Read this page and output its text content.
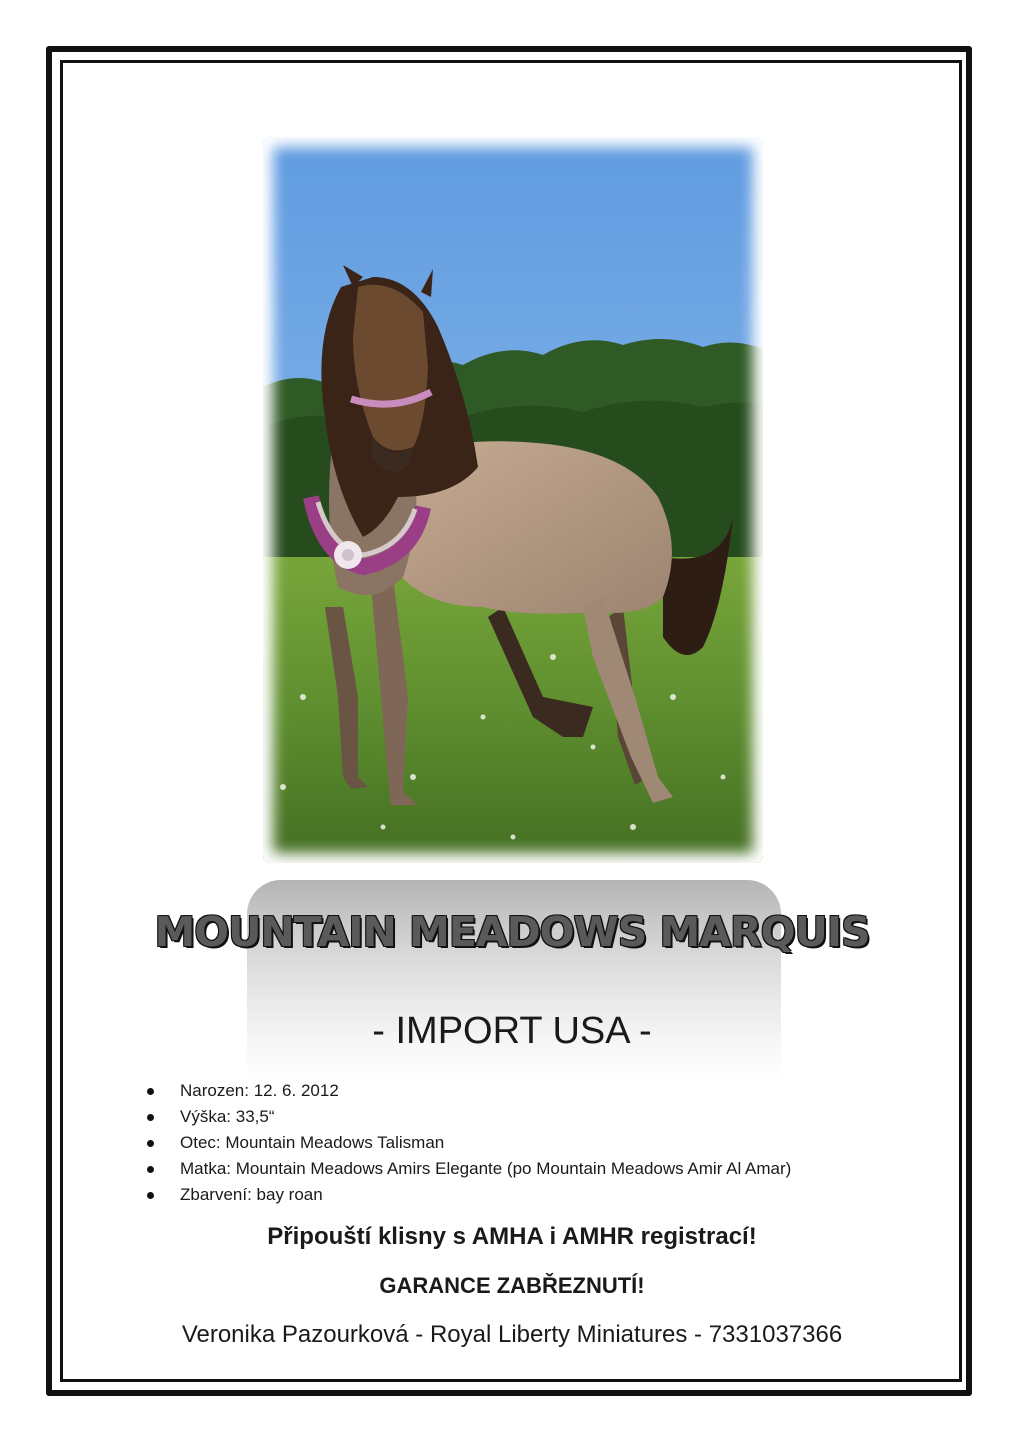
MOUNTAIN MEADOWS MARQUIS
- IMPORT USA -
Narozen: 12. 6. 2012
Výška: 33,5“
Otec: Mountain Meadows Talisman
Matka: Mountain Meadows Amirs Elegante (po Mountain Meadows Amir Al Amar)
Zbarvení: bay roan
Připouští klisny s AMHA i AMHR registrací!
GARANCE ZABŘEZNUTÍ!
Veronika Pazourková - Royal Liberty Miniatures - 7331037366
